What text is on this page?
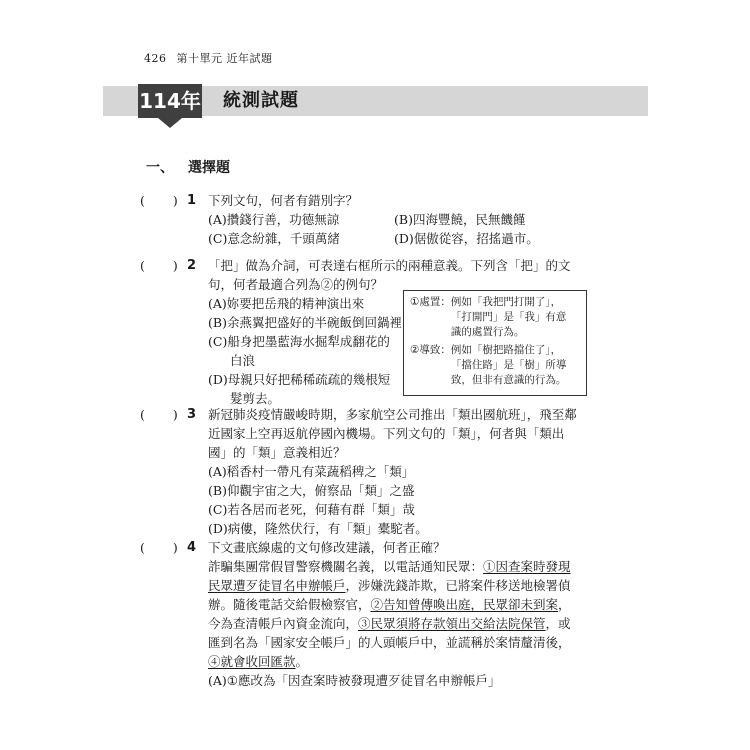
426 第十單元 近年試題
114年 統測試題
一、 選擇題
( ) 1 下列文句，何者有錯別字？
(A)攢錢行善，功德無諒	(B)四海豐饒，民無饑饉
(C)意念紛雜，千頭萬緒	(D)倨傲從容，招搖過市。
( ) 2 「把」做為介詞，可表達右框所示的兩種意義。下列含「把」的文
句，何者最適合列為②的例句？
(A)妳要把岳飛的精神演出來
(B)余燕翼把盛好的半碗飯倒回鍋裡
(C)船身把墨藍海水掘犁成翻花的
白浪
(D)母親只好把稀稀疏疏的幾根短
髮剪去。
①處置： 例如「我把門打開了」，
「打開門」是「我」有意
識的處置行為。
②導致： 例如「樹把路擋住了」，
「擋住路」是「樹」所導
致，但非有意識的行為。
( ) 3 新冠肺炎疫情嚴峻時期，多家航空公司推出「類出國航班」，飛至鄰
近國家上空再返航停國內機場。下列文句的「類」，何者與「類出
國」的「類」意義相近？
(A)稻香村一帶凡有菜蔬稻稗之「類」
(B)仰觀宇宙之大，俯察品「類」之盛
(C)若各居而老死，何藉有群「類」哉
(D)病僂，隆然伏行，有「類」橐駝者。
( ) 4 下文畫底線處的文句修改建議，何者正確？
詐騙集團常假冒警察機關名義，以電話通知民眾：①因查案時發現
民眾遭歹徒冒名申辦帳戶，涉嫌洗錢詐欺，已將案件移送地檢署偵
辦。隨後電話交給假檢察官，②告知曾傳喚出庭，民眾卻未到案，
今為查清帳戶內資金流向，③民眾須將存款領出交給法院保管，或
匯到名為「國家安全帳戶」的人頭帳戶中，並謊稱於案情釐清後，
④就會收回匯款。
(A)①應改為「因查案時被發現遭歹徒冒名申辦帳戶」
